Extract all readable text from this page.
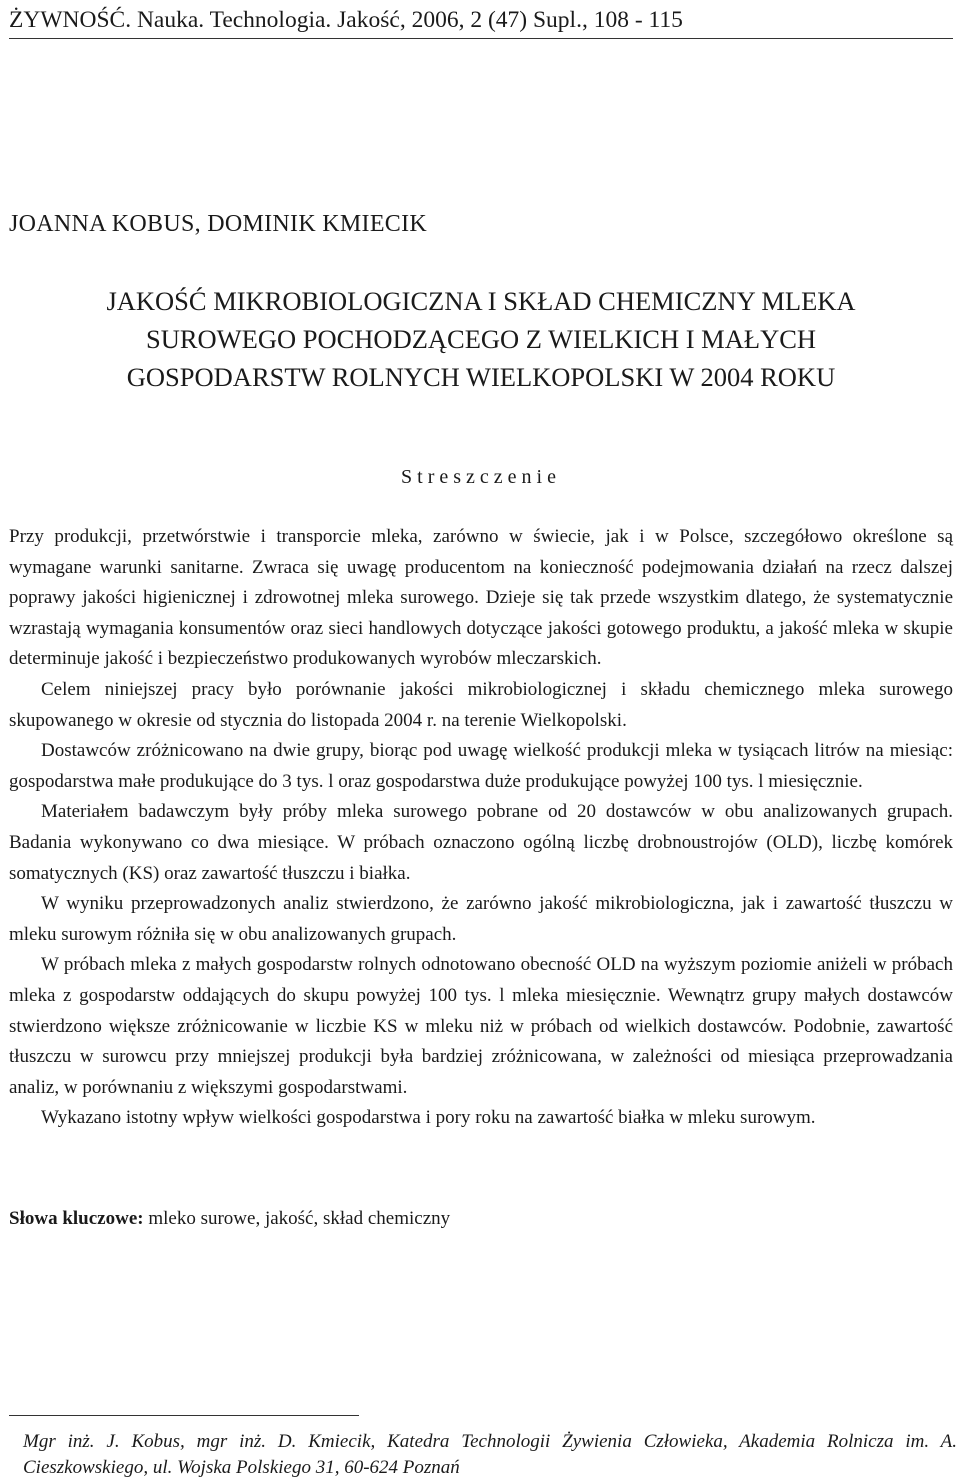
ŻYWNOŚĆ. Nauka. Technologia. Jakość, 2006, 2 (47) Supl., 108 - 115
JOANNA KOBUS, DOMINIK KMIECIK
JAKOŚĆ MIKROBIOLOGICZNA I SKŁAD CHEMICZNY MLEKA
SUROWEGO POCHODZĄCEGO Z WIELKICH I MAŁYCH
GOSPODARSTW ROLNYCH WIELKOPOLSKI W 2004 ROKU
Streszczenie

Przy produkcji, przetwórstwie i transporcie mleka, zarówno w świecie, jak i w Polsce, szczegółowo określone są wymagane warunki sanitarne. Zwraca się uwagę producentom na konieczność podejmowania działań na rzecz dalszej poprawy jakości higienicznej i zdrowotnej mleka surowego. Dzieje się tak przede wszystkim dlatego, że systematycznie wzrastają wymagania konsumentów oraz sieci handlowych dotyczące jakości gotowego produktu, a jakość mleka w skupie determinuje jakość i bezpieczeństwo produkowanych wyrobów mleczarskich.

Celem niniejszej pracy było porównanie jakości mikrobiologicznej i składu chemicznego mleka surowego skupowanego w okresie od stycznia do listopada 2004 r. na terenie Wielkopolski.

Dostawców zróżnicowano na dwie grupy, biorąc pod uwagę wielkość produkcji mleka w tysiącach litrów na miesiąc: gospodarstwa małe produkujące do 3 tys. l oraz gospodarstwa duże produkujące powyżej 100 tys. l miesięcznie.

Materiałem badawczym były próby mleka surowego pobrane od 20 dostawców w obu analizowanych grupach. Badania wykonywano co dwa miesiące. W próbach oznaczono ogólną liczbę drobnoustrojów (OLD), liczbę komórek somatycznych (KS) oraz zawartość tłuszczu i białka.

W wyniku przeprowadzonych analiz stwierdzono, że zarówno jakość mikrobiologiczna, jak i zawartość tłuszczu w mleku surowym różniła się w obu analizowanych grupach.

W próbach mleka z małych gospodarstw rolnych odnotowano obecność OLD na wyższym poziomie aniżeli w próbach mleka z gospodarstw oddających do skupu powyżej 100 tys. l mleka miesięcznie. Wewnątrz grupy małych dostawców stwierdzono większe zróżnicowanie w liczbie KS w mleku niż w próbach od wielkich dostawców. Podobnie, zawartość tłuszczu w surowcu przy mniejszej produkcji była bardziej zróżnicowana, w zależności od miesiąca przeprowadzania analiz, w porównaniu z większymi gospodarstwami.

Wykazano istotny wpływ wielkości gospodarstwa i pory roku na zawartość białka w mleku surowym.

Słowa kluczowe: mleko surowe, jakość, skład chemiczny
Mgr inż. J. Kobus, mgr inż. D. Kmiecik, Katedra Technologii Żywienia Człowieka, Akademia Rolnicza im. A. Cieszkowskiego, ul. Wojska Polskiego 31, 60-624 Poznań
